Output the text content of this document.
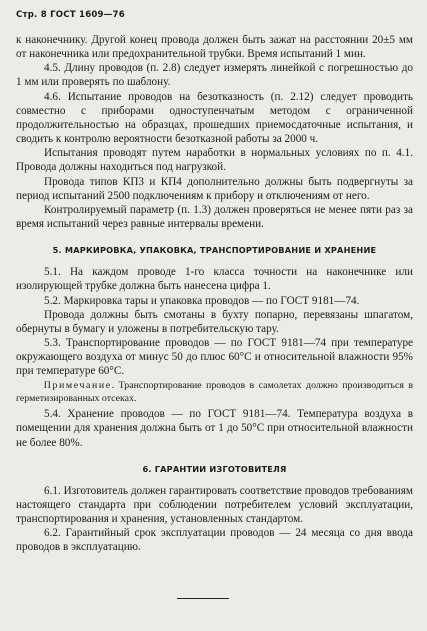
Стр. 8 ГОСТ 1609—76

к наконечнику. Другой конец провода должен быть зажат на расстоянии 20±5 мм от наконечника или предохранительной трубки. Время испытаний 1 мин.

4.5. Длину проводов (п. 2.8) следует измерять линейкой с погрешностью до 1 мм или проверять по шаблону.

4.6. Испытание проводов на безотказность (п. 2.12) следует проводить совместно с приборами одноступенчатым методом с ограниченной продолжительностью на образцах, прошедших приемосдаточные испытания, и сводить к контролю вероятности безотказной работы за 2000 ч.

Испытания проводят путем наработки в нормальных условиях по п. 4.1. Провода должны находиться под нагрузкой.

Провода типов КП3 и КП4 дополнительно должны быть подвергнуты за период испытаний 2500 подключениям к прибору и отключениям от него.

Контролируемый параметр (п. 1.3) должен проверяться не менее пяти раз за время испытаний через равные интервалы времени.

5. МАРКИРОВКА, УПАКОВКА, ТРАНСПОРТИРОВАНИЕ И ХРАНЕНИЕ

5.1. На каждом проводе 1-го класса точности на наконечнике или изолирующей трубке должна быть нанесена цифра 1.

5.2. Маркировка тары и упаковка проводов — по ГОСТ 9181—74.

Провода должны быть смотаны в бухту попарно, перевязаны шпагатом, обернуты в бумагу и уложены в потребительскую тару.

5.3. Транспортирование проводов — по ГОСТ 9181—74 при температуре окружающего воздуха от минус 50 до плюс 60°С и относительной влажности 95% при температуре 60°С.

Примечание. Транспортирование проводов в самолетах должно производиться в герметизированных отсеках.

5.4. Хранение проводов — по ГОСТ 9181—74. Температура воздуха в помещении для хранения должна быть от 1 до 50°С при относительной влажности не более 80%.

6. ГАРАНТИИ ИЗГОТОВИТЕЛЯ

6.1. Изготовитель должен гарантировать соответствие проводов требованиям настоящего стандарта при соблюдении потребителем условий эксплуатации, транспортирования и хранения, установленных стандартом.

6.2. Гарантийный срок эксплуатации проводов — 24 месяца со дня ввода проводов в эксплуатацию.
